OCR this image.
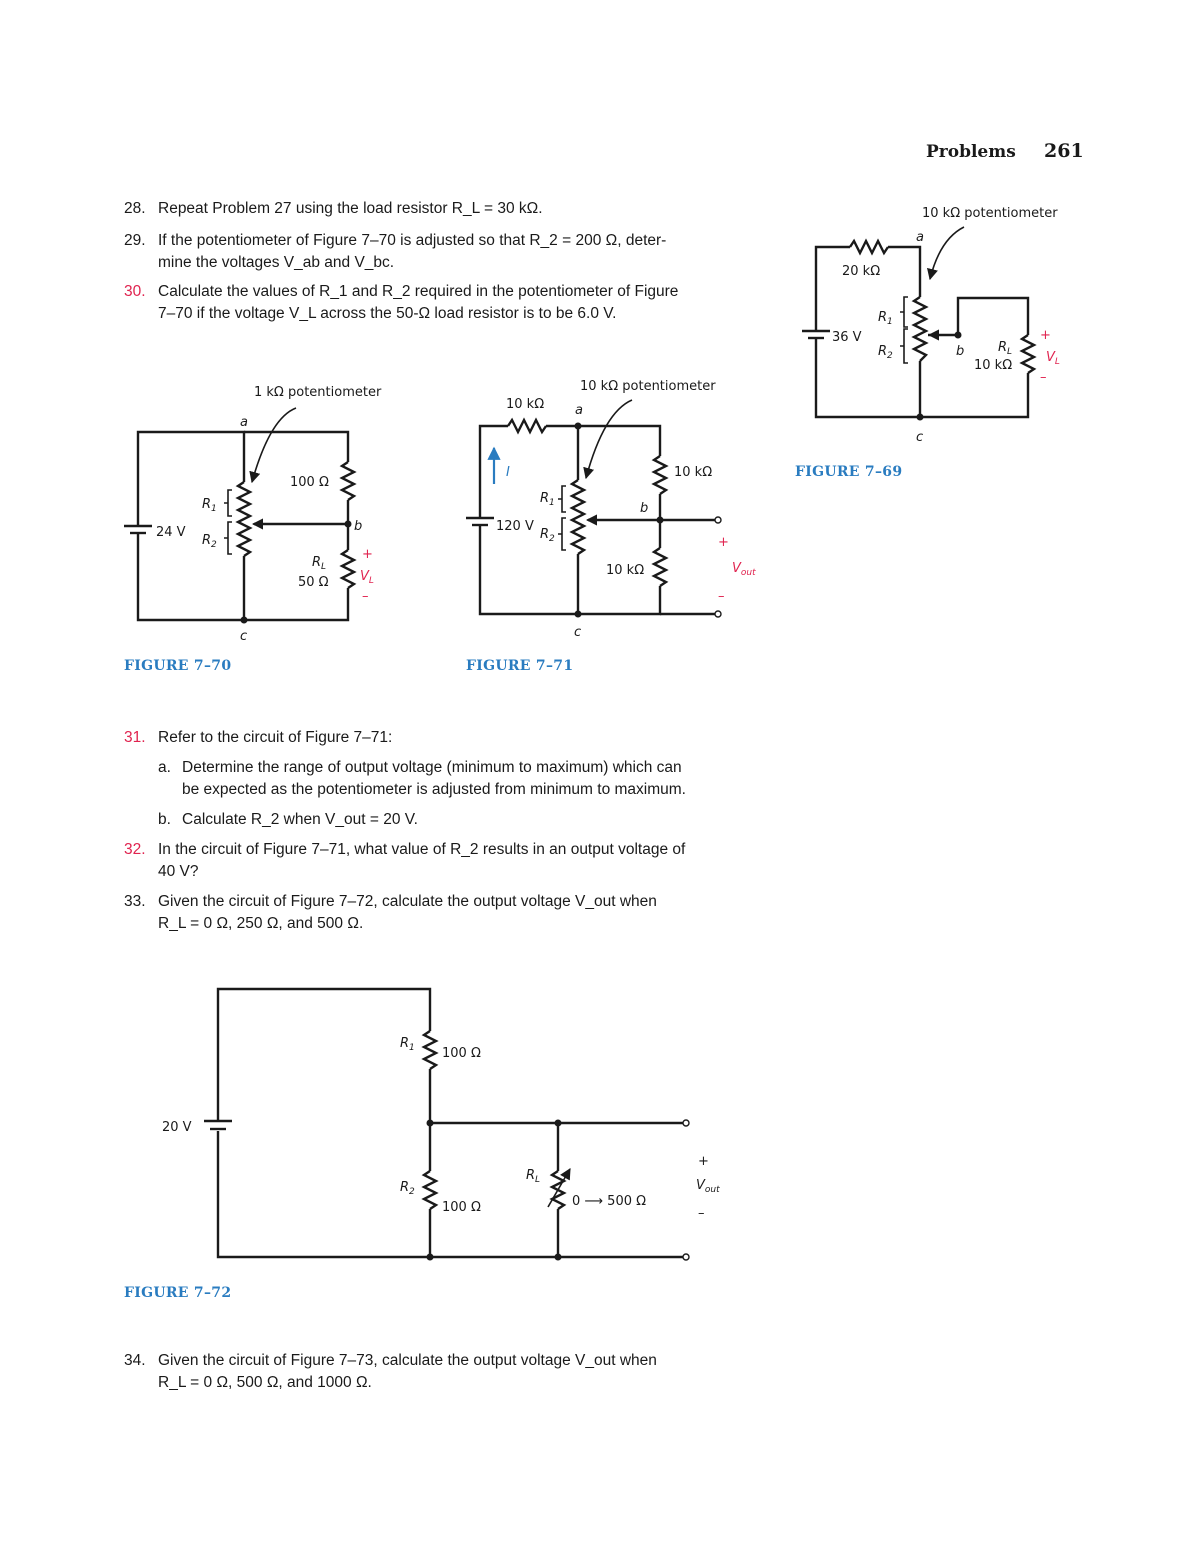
Problems 261
28. Repeat Problem 27 using the load resistor R_L = 30 kΩ.
29. If the potentiometer of Figure 7–70 is adjusted so that R_2 = 200 Ω, deter-
mine the voltages V_ab and V_bc.
30. Calculate the values of R_1 and R_2 required in the potentiometer of Figure
7–70 if the voltage V_L across the 50-Ω load resistor is to be 6.0 V.
31. Refer to the circuit of Figure 7–71:
a. Determine the range of output voltage (minimum to maximum) which can
be expected as the potentiometer is adjusted from minimum to maximum.
b. Calculate R_2 when V_out = 20 V.
32. In the circuit of Figure 7–71, what value of R_2 results in an output voltage of
40 V?
33. Given the circuit of Figure 7–72, calculate the output voltage V_out when
R_L = 0 Ω, 250 Ω, and 500 Ω.
34. Given the circuit of Figure 7–73, calculate the output voltage V_out when
R_L = 0 Ω, 500 Ω, and 1000 Ω.
FIGURE 7–69
FIGURE 7–70	FIGURE 7–71
FIGURE 7–72
10 kΩ potentiometer
a
20 kΩ
36 V
$R_1$
$R_2$	b	$R_L$
10 kΩ
+
$V_L$
–
c
1 kΩ potentiometer
a
100 Ω
24 V
$R_1$
$R_2$
b
$R_L$
50 Ω
+
$V_L$
–
c
10 kΩ potentiometer
10 kΩ a
I	10 kΩ
$R_1$
$R_2$
120 V
b
10 kΩ
+
$V_{out}$
–
c
$R_1$ 100 Ω
20 V
$R_2$
100 Ω
$R_L$
0 ⟶ 500 Ω
+
$V_{out}$
–
